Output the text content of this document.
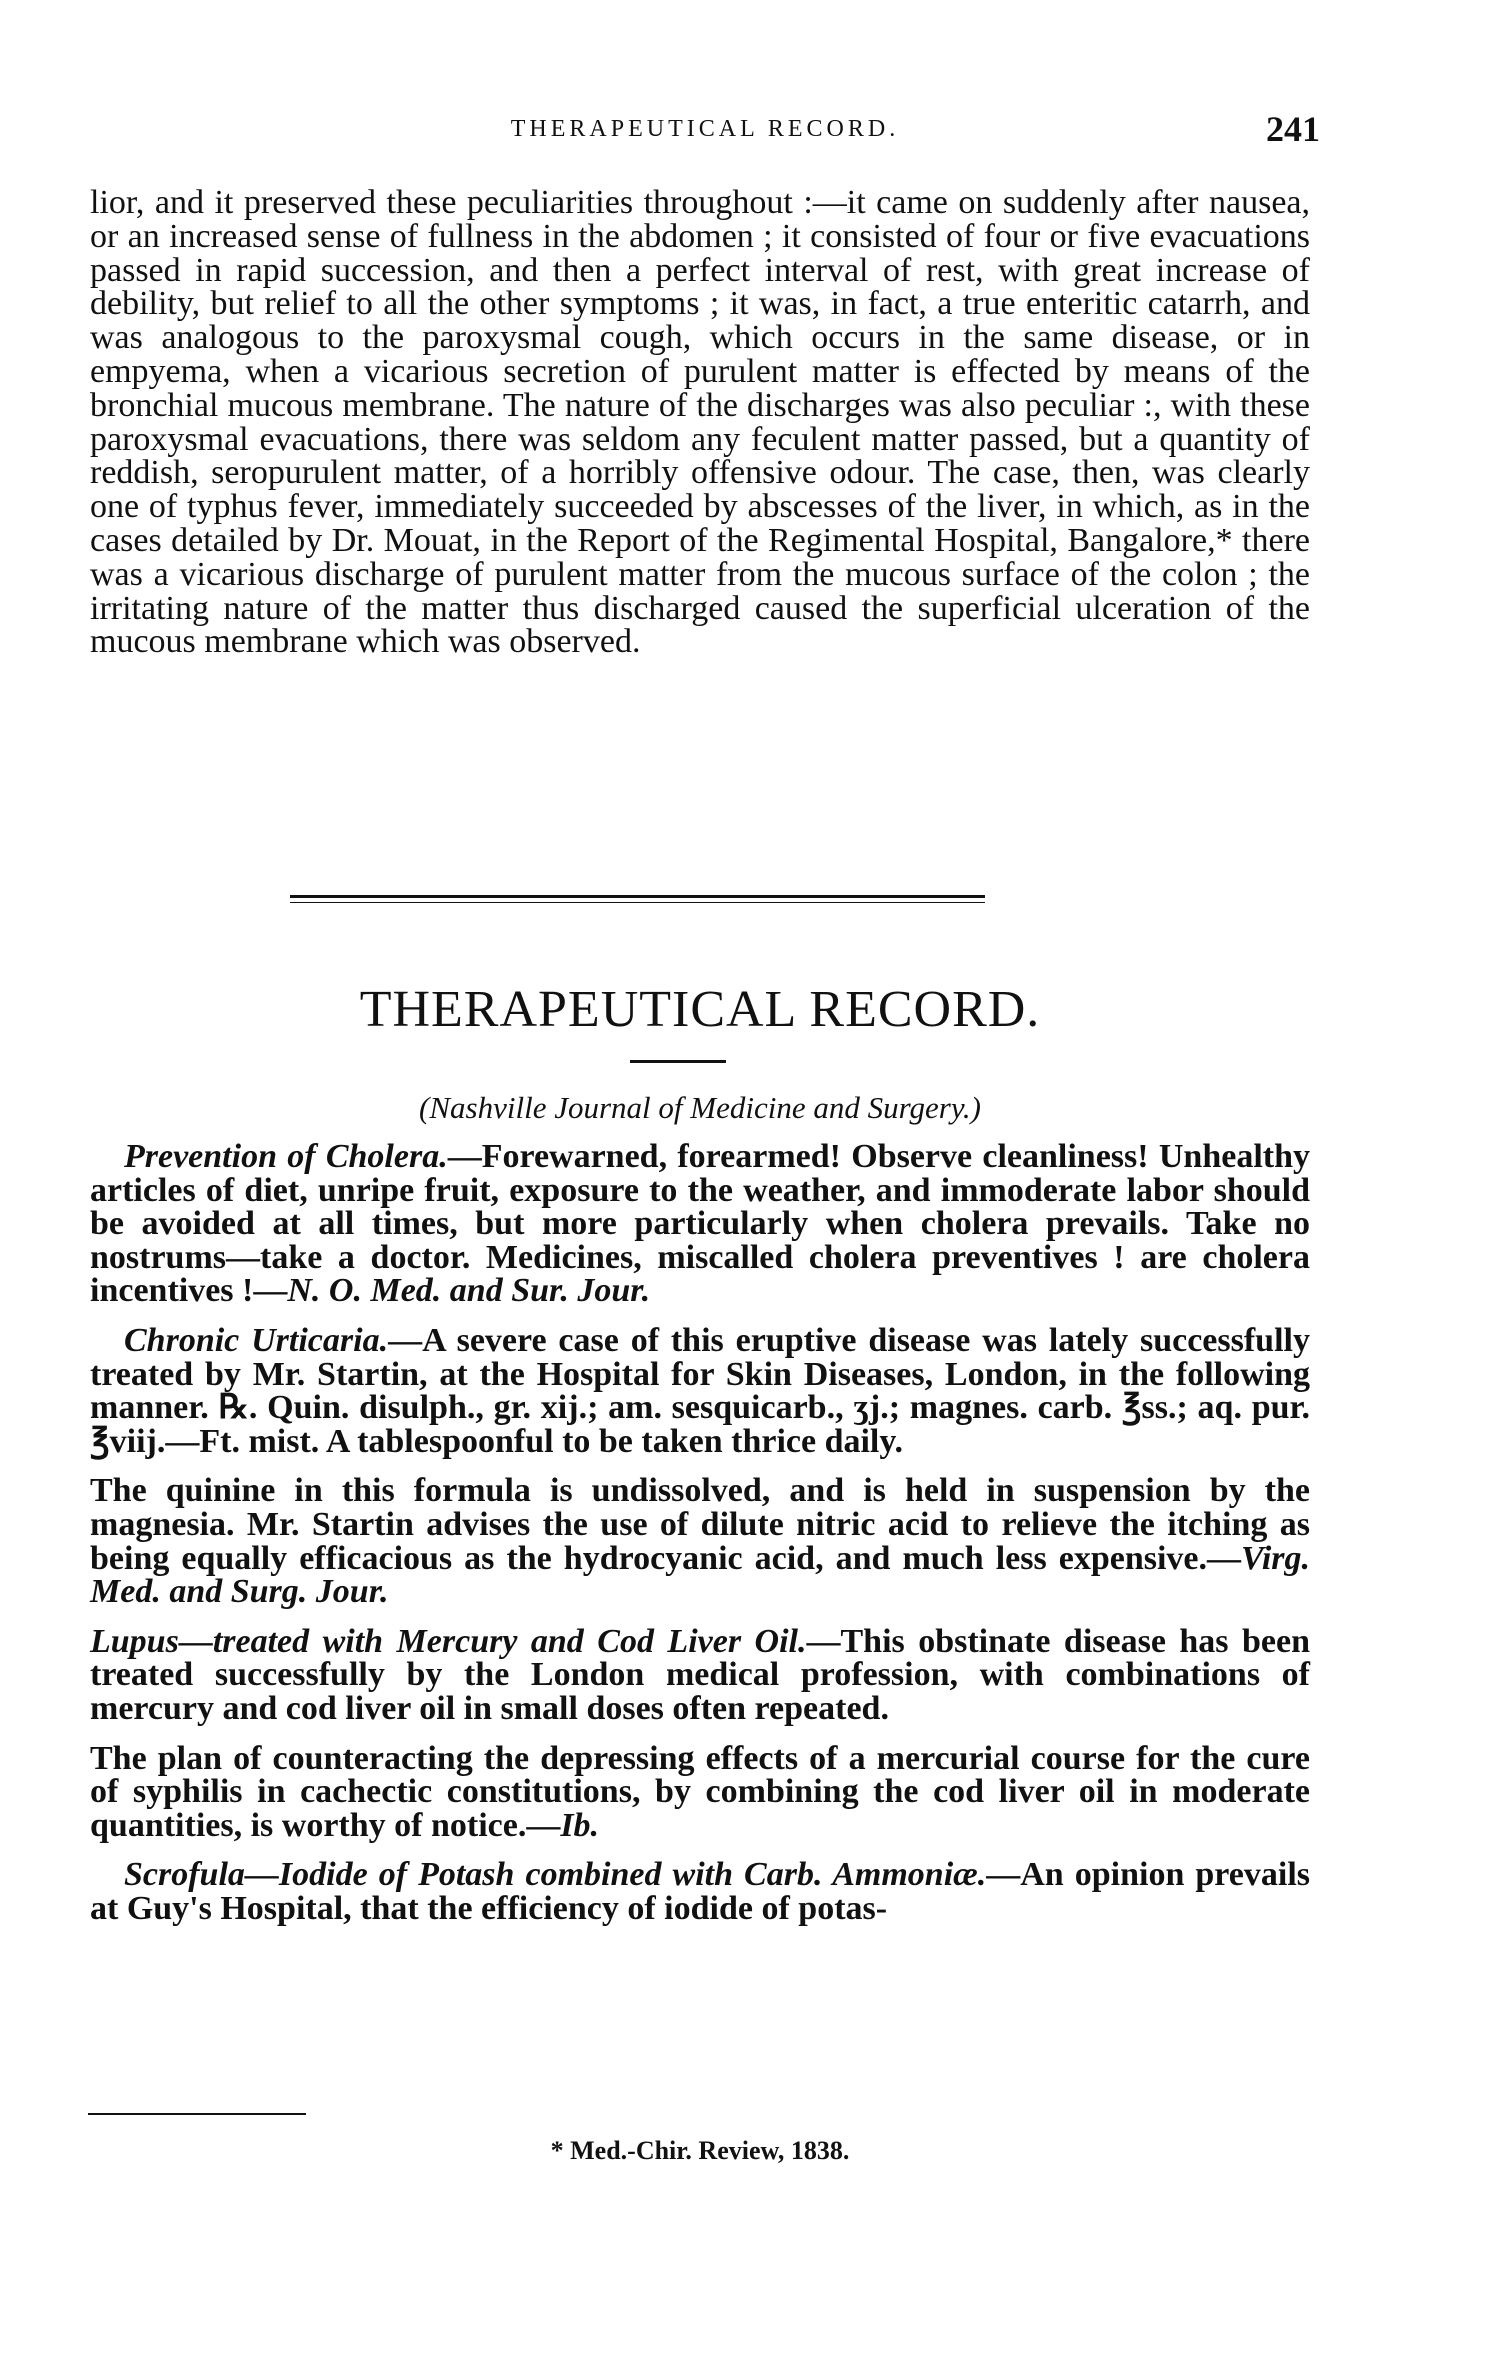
THERAPEUTICAL RECORD.	241

lior, and it preserved these peculiarities throughout :—it came on suddenly after nausea, or an increased sense of fullness in the abdomen ; it consisted of four or five evacuations passed in rapid succession, and then a perfect interval of rest, with great increase of debility, but relief to all the other symptoms ; it was, in fact, a true enteritic catarrh, and was analogous to the paroxysmal cough, which occurs in the same disease, or in empyema, when a vicarious secretion of purulent matter is effected by means of the bronchial mucous membrane. The nature of the discharges was also peculiar :, with these paroxysmal evacuations, there was seldom any feculent matter passed, but a quantity of reddish, seropurulent matter, of a horribly offensive odour. The case, then, was clearly one of typhus fever, immediately succeeded by abscesses of the liver, in which, as in the cases detailed by Dr. Mouat, in the Report of the Regimental Hospital, Bangalore,* there was a vicarious discharge of purulent matter from the mucous surface of the colon ; the irritating nature of the matter thus discharged caused the superficial ulceration of the mucous membrane which was observed.

THERAPEUTICAL RECORD.
(Nashville Journal of Medicine and Surgery.)

Prevention of Cholera.—Forewarned, forearmed! Observe cleanliness! Unhealthy articles of diet, unripe fruit, exposure to the weather, and immoderate labor should be avoided at all times, but more particularly when cholera prevails. Take no nostrums—take a doctor. Medicines, miscalled cholera preventives ! are cholera incentives !—N. O. Med. and Sur. Jour.

Chronic Urticaria.—A severe case of this eruptive disease was lately successfully treated by Mr. Startin, at the Hospital for Skin Diseases, London, in the following manner. ℞. Quin. disulph., gr. xij.; am. sesquicarb., ʒj.; magnes. carb. ℥ss.; aq. pur. ℥viij.—Ft. mist. A tablespoonful to be taken thrice daily.

The quinine in this formula is undissolved, and is held in suspension by the magnesia. Mr. Startin advises the use of dilute nitric acid to relieve the itching as being equally efficacious as the hydrocyanic acid, and much less expensive.—Virg. Med. and Surg. Jour.

Lupus—treated with Mercury and Cod Liver Oil.—This obstinate disease has been treated successfully by the London medical profession, with combinations of mercury and cod liver oil in small doses often repeated.

The plan of counteracting the depressing effects of a mercurial course for the cure of syphilis in cachectic constitutions, by combining the cod liver oil in moderate quantities, is worthy of notice.—Ib.

Scrofula—Iodide of Potash combined with Carb. Ammoniæ.—An opinion prevails at Guy's Hospital, that the efficiency of iodide of potas-

* Med.-Chir. Review, 1838.
